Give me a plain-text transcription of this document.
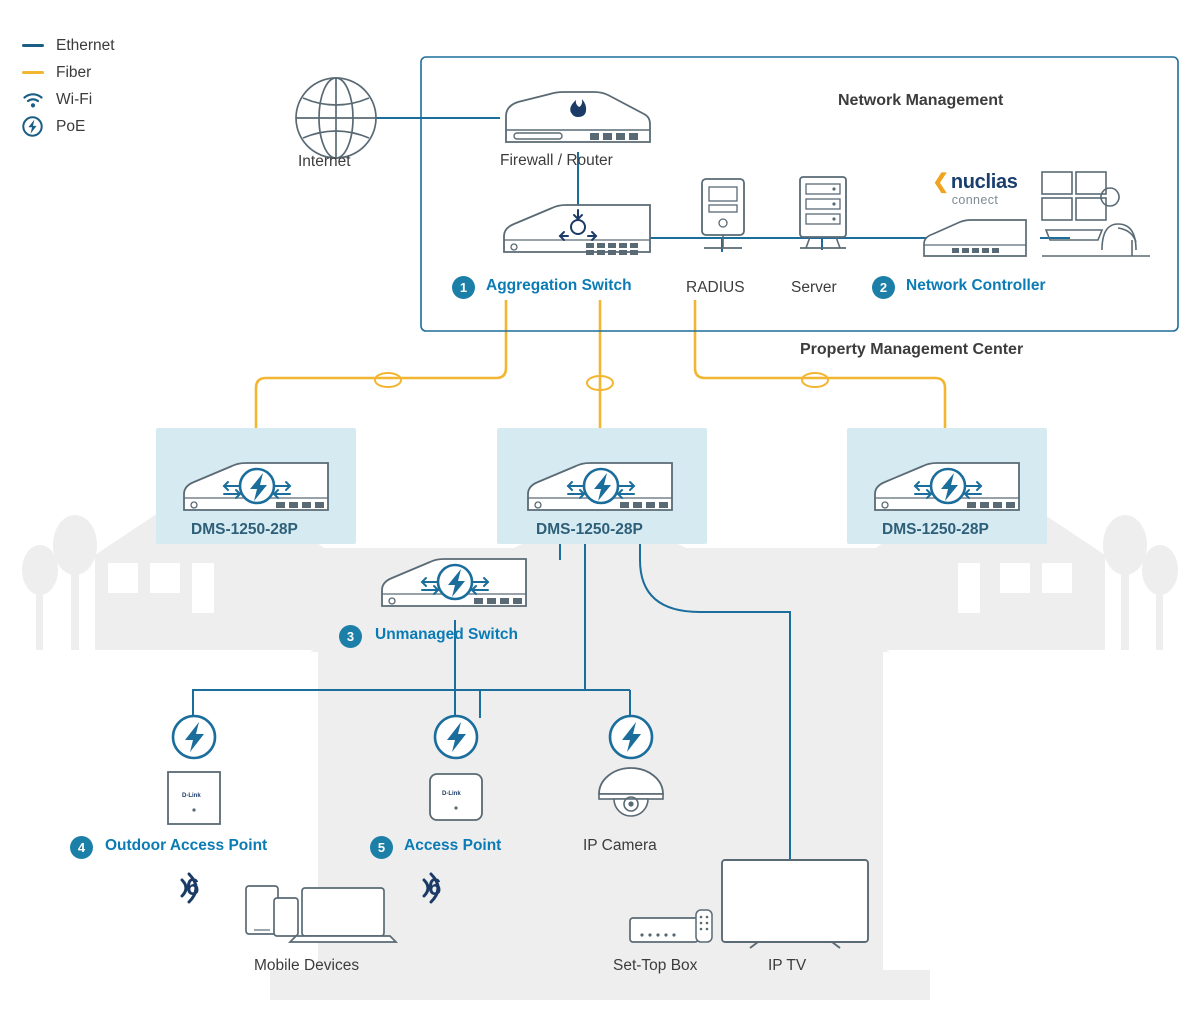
Ethernet
Fiber
Wi-Fi
PoE
Network Management
Property Management Center
Internet	Firewall / Router
1	Aggregation Switch	RADIUS	Server
❮ nuclias
connect
2	Network Controller
DMS-1250-28P	DMS-1250-28P	DMS-1250-28P
3	Unmanaged Switch
D-Link
4	Outdoor Access Point
D-Link
5	Access Point	IP Camera
6	6
Mobile Devices	Set-Top Box	IP TV
